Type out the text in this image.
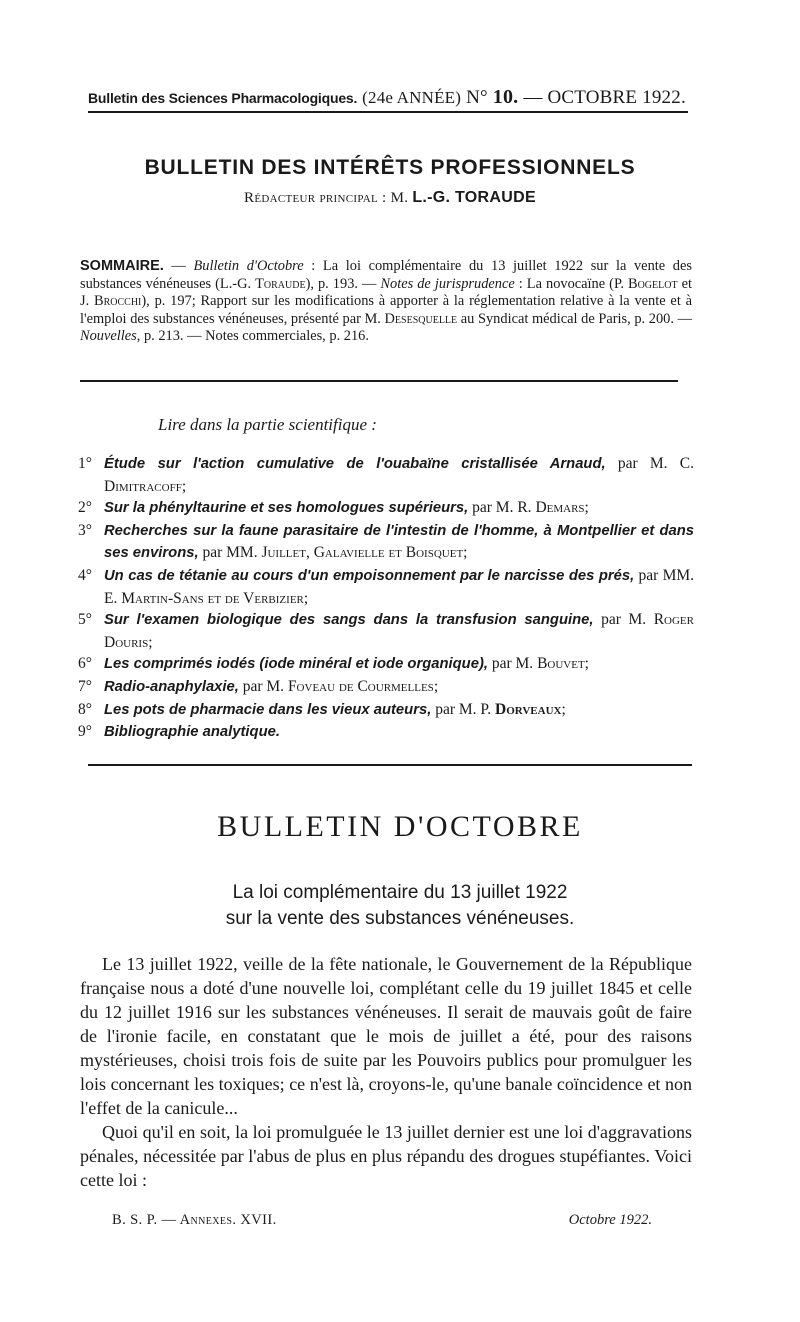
Bulletin des Sciences Pharmacologiques. (24e ANNÉE) N° 10. — OCTOBRE 1922.
BULLETIN DES INTÉRÊTS PROFESSIONNELS
Rédacteur principal : M. L.-G. TORAUDE

SOMMAIRE. — Bulletin d'Octobre : La loi complémentaire du 13 juillet 1922 sur la vente des substances vénéneuses (L.-G. Toraude), p. 193. — Notes de jurisprudence : La novocaïne (P. Bogelot et J. Brocchi), p. 197; Rapport sur les modifications à apporter à la réglementation relative à la vente et à l'emploi des substances vénéneuses, présenté par M. Desesquelle au Syndicat médical de Paris, p. 200. — Nouvelles, p. 213. — Notes commerciales, p. 216.

Lire dans la partie scientifique :
1° Étude sur l'action cumulative de l'ouabaïne cristallisée Arnaud, par M. C. Dimitracoff;
2° Sur la phényltaurine et ses homologues supérieurs, par M. R. Demars;
3° Recherches sur la faune parasitaire de l'intestin de l'homme, à Montpellier et dans ses environs, par MM. Juillet, Galavielle et Boisquet;
4° Un cas de tétanie au cours d'un empoisonnement par le narcisse des prés, par MM. E. Martin-Sans et de Verbizier;
5° Sur l'examen biologique des sangs dans la transfusion sanguine, par M. Roger Douris;
6° Les comprimés iodés (iode minéral et iode organique), par M. Bouvet;
7° Radio-anaphylaxie, par M. Foveau de Courmelles;
8° Les pots de pharmacie dans les vieux auteurs, par M. P. Dorveaux;
9° Bibliographie analytique.
BULLETIN D'OCTOBRE
La loi complémentaire du 13 juillet 1922
sur la vente des substances vénéneuses.

Le 13 juillet 1922, veille de la fête nationale, le Gouvernement de la République française nous a doté d'une nouvelle loi, complétant celle du 19 juillet 1845 et celle du 12 juillet 1916 sur les substances vénéneuses. Il serait de mauvais goût de faire de l'ironie facile, en constatant que le mois de juillet a été, pour des raisons mystérieuses, choisi trois fois de suite par les Pouvoirs publics pour promulguer les lois concernant les toxiques; ce n'est là, croyons-le, qu'une banale coïncidence et non l'effet de la canicule...

Quoi qu'il en soit, la loi promulguée le 13 juillet dernier est une loi d'aggravations pénales, nécessitée par l'abus de plus en plus répandu des drogues stupéfiantes. Voici cette loi :

B. S. P. — Annexes. XVII.	Octobre 1922.
